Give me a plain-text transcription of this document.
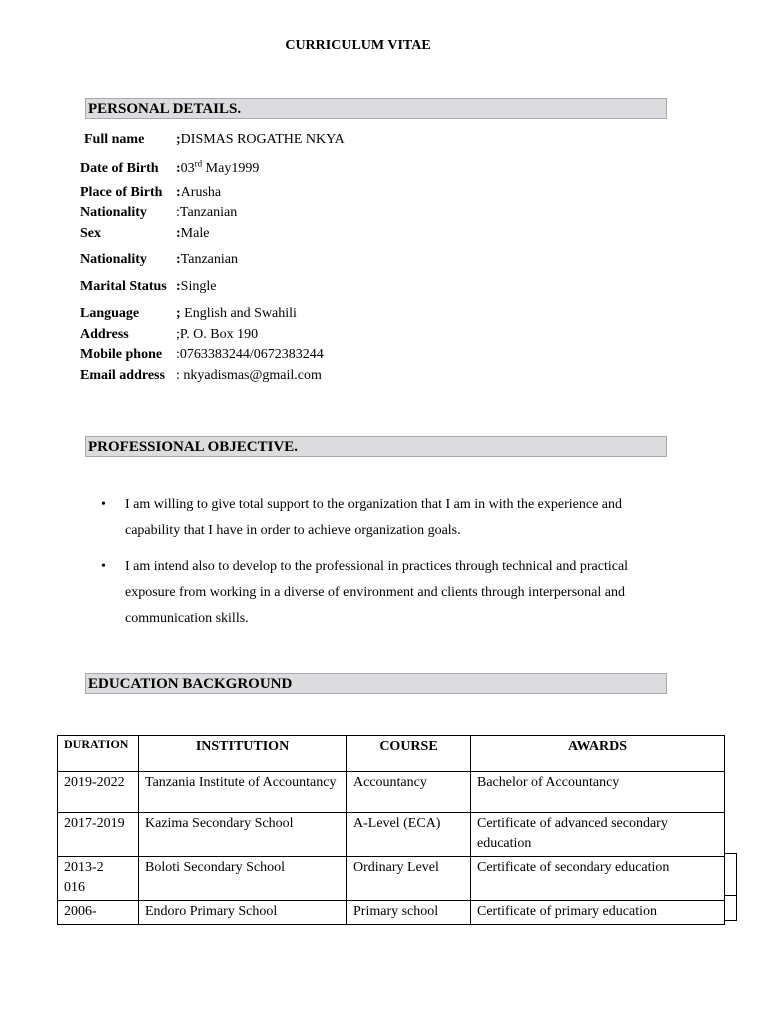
CURRICULUM VITAE
PERSONAL DETAILS.
Full name ;DISMAS ROGATHE NKYA
Date of Birth :03rd May1999
Place of Birth :Arusha
Nationality :Tanzanian
Sex	:Male
Nationality :Tanzanian
Marital Status :Single
Language	; English and Swahili
Address	;P. O. Box 190
Mobile phone :0763383244/0672383244
Email address : nkyadismas@gmail.com
PROFESSIONAL OBJECTIVE.
• I am willing to give total support to the organization that I am in with the experience and capability that I have in order to achieve organization goals.
• I am intend also to develop to the professional in practices through technical and practical exposure from working in a diverse of environment and clients through interpersonal and communication skills.
EDUCATION BACKGROUND
DURATION	INSTITUTION	COURSE	AWARDS
2019-2022	Tanzania Institute of Accountancy	Accountancy	Bachelor of Accountancy
2017-2019	Kazima Secondary School	A-Level (ECA)	Certificate of advanced secondary education
2013-2016	Boloti Secondary School	Ordinary Level	Certificate of secondary education
2006-	Endoro Primary School	Primary school	Certificate of primary education
